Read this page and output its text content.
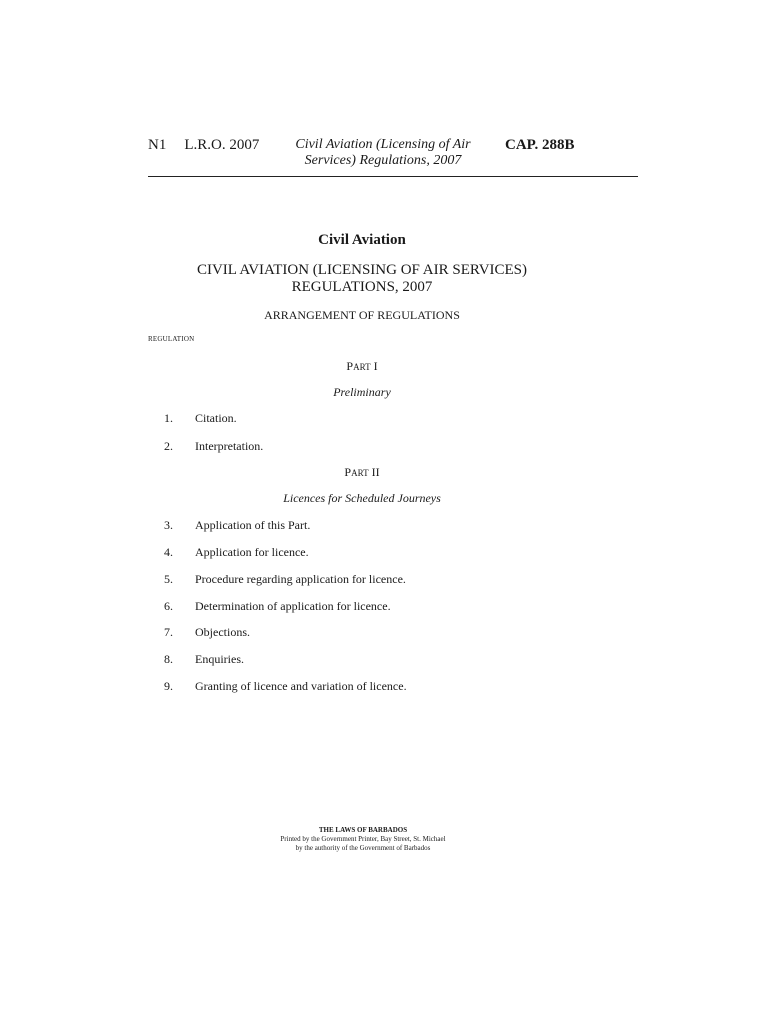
N1 L.R.O. 2007	Civil Aviation (Licensing of Air
Services) Regulations, 2007
CAP. 288B
Civil Aviation
CIVIL AVIATION (LICENSING OF AIR SERVICES)
REGULATIONS, 2007
ARRANGEMENT OF REGULATIONS
REGULATION
PART I
Preliminary
1. Citation.
2. Interpretation.
PART II
Licences for Scheduled Journeys
3. Application of this Part.
4. Application for licence.
5. Procedure regarding application for licence.
6. Determination of application for licence.
7. Objections.
8. Enquiries.
9. Granting of licence and variation of licence.
THE LAWS OF BARBADOS
Printed by the Government Printer, Bay Street, St. Michael
by the authority of the Government of Barbados
